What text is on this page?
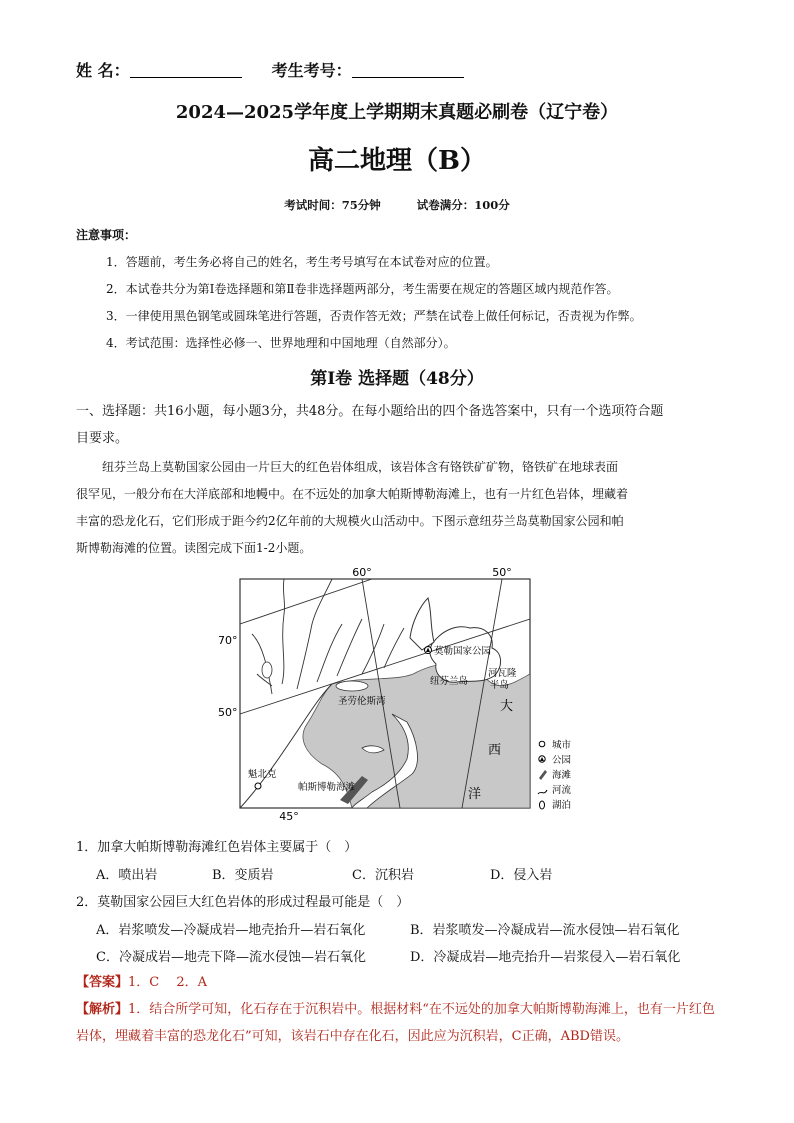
姓 名：	考生考号：
2024—2025学年度上学期期末真题必刷卷（辽宁卷）
高二地理（B）
考试时间：75分钟	试卷满分：100分
注意事项：
1．答题前，考生务必将自己的姓名，考生考号填写在本试卷对应的位置。
2．本试卷共分为第Ⅰ卷选择题和第Ⅱ卷非选择题两部分，考生需要在规定的答题区域内规范作答。
3．一律使用黑色钢笔或圆珠笔进行答题，否责作答无效；严禁在试卷上做任何标记，否责视为作弊。
4．考试范围：选择性必修一、世界地理和中国地理（自然部分）。
第Ⅰ卷 选择题（48分）
一、选择题：共16小题，每小题3分，共48分。在每小题给出的四个备选答案中，只有一个选项符合题
目要求。
纽芬兰岛上莫勒国家公园由一片巨大的红色岩体组成，该岩体含有铬铁矿矿物，铬铁矿在地球表面
很罕见，一般分布在大洋底部和地幔中。在不远处的加拿大帕斯博勒海滩上，也有一片红色岩体，埋藏着
丰富的恐龙化石，它们形成于距今约2亿年前的大规模火山活动中。下图示意纽芬兰岛莫勒国家公园和帕
斯博勒海滩的位置。读图完成下面1-2小题。
60°	50°
45°
70°
50°
莫勒国家公园
纽芬兰岛
河瓦隆
半岛
圣劳伦斯湾
魁北克
帕斯博勒海滩
大
西
洋
城市
公园
海滩
河流
湖泊
1．加拿大帕斯博勒海滩红色岩体主要属于（　）
A．喷出岩	B．变质岩	C．沉积岩	D．侵入岩
2．莫勒国家公园巨大红色岩体的形成过程最可能是（　）
A．岩浆喷发—冷凝成岩—地壳抬升—岩石氧化	B．岩浆喷发—冷凝成岩—流水侵蚀—岩石氧化
C．冷凝成岩—地壳下降—流水侵蚀—岩石氧化	D．冷凝成岩—地壳抬升—岩浆侵入—岩石氧化
【答案】1．C　 2．A
【解析】1．结合所学可知，化石存在于沉积岩中。根据材料“在不远处的加拿大帕斯博勒海滩上，也有一片红色岩体，埋藏着丰富的恐龙化石”可知，该岩石中存在化石，因此应为沉积岩，C正确，ABD错误。
